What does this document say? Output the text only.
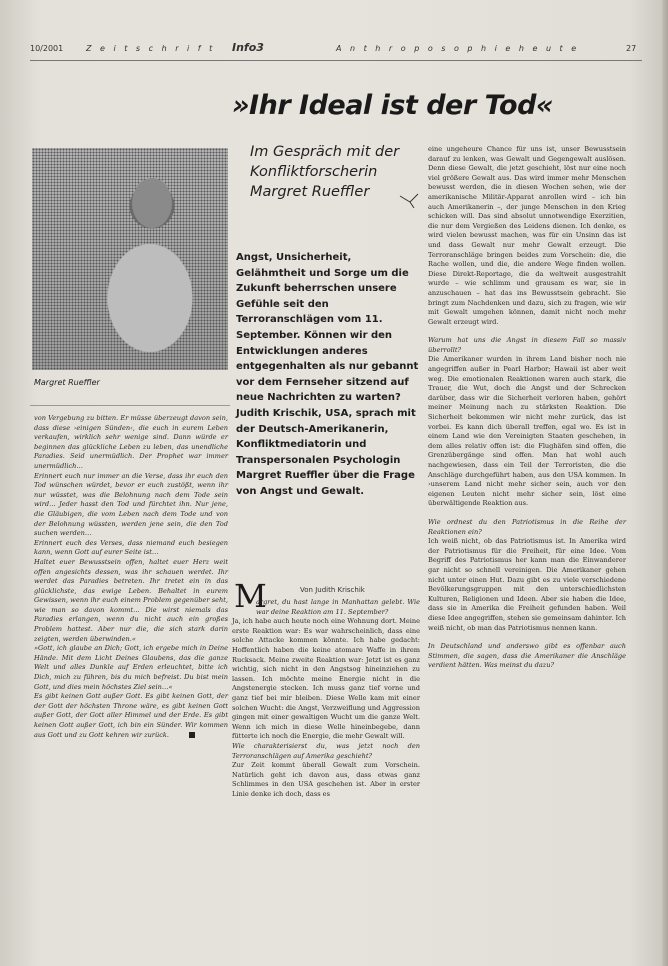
10/2001	Z e i t s c h r i f t Info3	A n t h r o p o s o p h i e h e u t e	27
Margret Rueffler
»Ihr Ideal ist der Tod«
Im Gespräch mit der Konfliktforscherin Margret Rueffler
Angst, Unsicherheit, Gelähmtheit und Sorge um die Zukunft beherrschen unsere Gefühle seit den Terroranschlägen vom 11. September. Können wir den Entwicklungen anderes entgegenhalten als nur gebannt vor dem Fernseher sitzend auf neue Nachrichten zu warten? Judith Krischik, USA, sprach mit der Deutsch-Amerikanerin, Konfliktmediatorin und Transpersonalen Psychologin Margret Rueffler über die Frage von Angst und Gewalt.

von Vergebung zu bitten. Er müsse überzeugt davon sein, dass diese ›einigen Sünden‹, die euch in eurem Leben verkaufen, wirklich sehr wenige sind. Dann würde er beginnen das glückliche Leben zu leben, das unendliche Paradies. Seid unermüdlich. Der Prophet war immer unermüdlich…

Erinnert euch nur immer an die Verse, dass ihr euch den Tod wünschen würdet, bevor er euch zustößt, wenn ihr nur wüsstet, was die Belohnung nach dem Tode sein wird… Jeder hasst den Tod und fürchtet ihn. Nur jene, die Gläubigen, die vom Leben nach dem Tode und von der Belohnung wüssten, werden jene sein, die den Tod suchen werden…

Erinnert euch des Verses, dass niemand euch besiegen kann, wenn Gott auf eurer Seite ist…

Haltet euer Bewusstsein offen, haltet euer Herz weit offen angesichts dessen, was ihr schauen werdet. Ihr werdet das Paradies betreten. Ihr tretet ein in das glücklichste, das ewige Leben. Behaltet in eurem Gewissen, wenn ihr euch einem Problem gegenüber seht, wie man so davon kommt… Die wirst niemals das Paradies erlangen, wenn du nicht auch ein großes Problem hattest. Aber nur die, die sich stark darin zeigten, werden überwinden.«

»Gott, ich glaube an Dich; Gott, ich ergebe mich in Deine Hände. Mit dem Licht Deines Glaubens, das die ganze Welt und alles Dunkle auf Erden erleuchtet, bitte ich Dich, mich zu führen, bis du mich befreist. Du bist mein Gott, und dies mein höchstes Ziel sein…«

Es gibt keinen Gott außer Gott. Es gibt keinen Gott, der der Gott der höchsten Throne wäre, es gibt keinen Gott außer Gott, der Gott aller Himmel und der Erde. Es gibt keinen Gott außer Gott, ich bin ein Sünder. Wir kommen aus Gott und zu Gott kehren wir zurück.

Von Judith Krischik
M

argret, du hast lange in Manhattan gelebt. Wie war deine Reaktion am 11. September?

Ja, ich habe auch heute noch eine Wohnung dort. Meine erste Reaktion war: Es war wahrscheinlich, dass eine solche Attacke kommen könnte. Ich habe gedacht: Hoffentlich haben die keine atomare Waffe in ihrem Rucksack. Meine zweite Reaktion war: Jetzt ist es ganz wichtig, sich nicht in den Angstsog hineinziehen zu lassen. Ich möchte meine Energie nicht in die Angstenergie stecken. Ich muss ganz tief vorne und ganz tief bei mir bleiben. Diese Welle kam mit einer solchen Wucht: die Angst, Verzweiflung und Aggression gingen mit einer gewaltigen Wucht um die ganze Welt. Wenn ich mich in diese Welle hineinbegebe, dann fütterte ich noch die Energie, die mehr Gewalt will.

Wie charakterisierst du, was jetzt noch den Terroranschlägen auf Amerika geschieht?

Zur Zeit kommt überall Gewalt zum Vorschein. Natürlich geht ich davon aus, dass etwas ganz Schlimmes in den USA geschehen ist. Aber in erster Linie denke ich doch, dass es

eine ungeheure Chance für uns ist, unser Bewusstsein darauf zu lenken, was Gewalt und Gegengewalt auslösen. Denn diese Gewalt, die jetzt geschieht, löst nur eine noch viel größere Gewalt aus. Das wird immer mehr Menschen bewusst werden, die in diesen Wochen sehen, wie der amerikanische Militär-Apparat anrollen wird – ich bin auch Amerikanerin –, der junge Menschen in den Krieg schicken will. Das sind absolut unnotwendige Exerzitien, die nur dem Vergießen des Leidens dienen. Ich denke, es wird vielen bewusst machen, was für ein Unsinn das ist und dass Gewalt nur mehr Gewalt erzeugt. Die Terroranschläge bringen beides zum Vorschein: die, die Rache wollen, und die, die andere Wege finden wollen. Diese Direkt-Reportage, die da weltweit ausgestrahlt wurde – wie schlimm und grausam es war, sie in anzuschauen – hat das ins Bewusstsein gebracht. Sie bringt zum Nachdenken und dazu, sich zu fragen, wie wir mit Gewalt umgehen können, damit nicht noch mehr Gewalt erzeugt wird.

Warum hat uns die Angst in diesem Fall so massiv überrollt?

Die Amerikaner wurden in ihrem Land bisher noch nie angegriffen außer in Pearl Harbor; Hawaii ist aber weit weg. Die emotionalen Reaktionen waren auch stark, die Trauer, die Wut, doch die Angst und der Schrecken darüber, dass wir die Sicherheit verloren haben, gehört meiner Meinung nach zu stärksten Reaktion. Die Sicherheit bekommen wir nicht mehr zurück, das ist vorbei. Es kann dich überall treffen, egal wo. Es ist in einem Land wie den Vereinigten Staaten geschehen, in dem alles relativ offen ist: die Flughäfen sind offen, die Grenzübergänge sind offen. Man hat wohl auch nachgewiesen, dass ein Teil der Terroristen, die die Anschläge durchgeführt haben, aus den USA kommen. In ›unserem Land nicht mehr sicher sein, auch vor den eigenen Leuten nicht mehr sicher sein, löst eine überwältigende Reaktion aus.

Wie ordnest du den Patriotismus in die Reihe der Reaktionen ein?

Ich weiß nicht, ob das Patriotismus ist. In Amerika wird der Patriotismus für die Freiheit, für eine Idee. Vom Begriff des Patriotismus her kann man die Einwanderer gar nicht so schnell vereinigen. Die Amerikaner gehen nicht unter einen Hut. Dazu gibt es zu viele verschiedene Bevölkerungsgruppen mit den unterschiedlichsten Kulturen, Religionen und Ideen. Aber sie haben die Idee, dass sie in Amerika die Freiheit gefunden haben. Weil diese Idee angegriffen, stehen sie gemeinsam dahinter. Ich weiß nicht, ob man das Patriotismus nennen kann.

In Deutschland und anderswo gibt es offenbar auch Stimmen, die sagen, dass die Amerikaner die Anschläge verdient hätten. Was meinst du dazu?
